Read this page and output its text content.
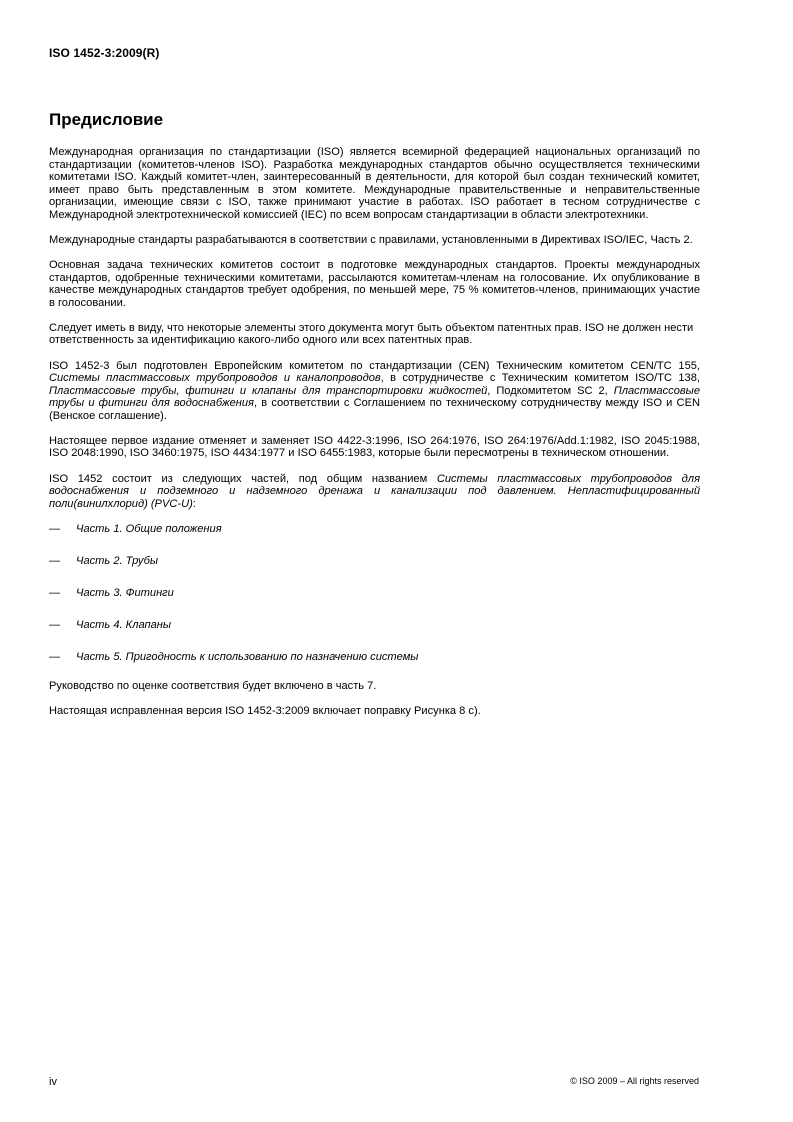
ISO 1452-3:2009(R)
Предисловие

Международная организация по стандартизации (ISO) является всемирной федерацией национальных организаций по стандартизации (комитетов-членов ISO). Разработка международных стандартов обычно осуществляется техническими комитетами ISO. Каждый комитет-член, заинтересованный в деятельности, для которой был создан технический комитет, имеет право быть представленным в этом комитете. Международные правительственные и неправительственные организации, имеющие связи с ISO, также принимают участие в работах. ISO работает в тесном сотрудничестве с Международной электротехнической комиссией (IEC) по всем вопросам стандартизации в области электротехники.

Международные стандарты разрабатываются в соответствии с правилами, установленными в Директивах ISO/IEC, Часть 2.

Основная задача технических комитетов состоит в подготовке международных стандартов. Проекты международных стандартов, одобренные техническими комитетами, рассылаются комитетам-членам на голосование. Их опубликование в качестве международных стандартов требует одобрения, по меньшей мере, 75 % комитетов-членов, принимающих участие в голосовании.

Следует иметь в виду, что некоторые элементы этого документа могут быть объектом патентных прав. ISO не должен нести ответственность за идентификацию какого-либо одного или всех патентных прав.

ISO 1452-3 был подготовлен Европейским комитетом по стандартизации (CEN) Техническим комитетом CEN/TC 155, Системы пластмассовых трубопроводов и каналопроводов, в сотрудничестве с Техническим комитетом ISO/TC 138, Пластмассовые трубы, фитинги и клапаны для транспортировки жидкостей, Подкомитетом SC 2, Пластмассовые трубы и фитинги для водоснабжения, в соответствии с Соглашением по техническому сотрудничеству между ISO и CEN (Венское соглашение).

Настоящее первое издание отменяет и заменяет ISO 4422-3:1996, ISO 264:1976, ISO 264:1976/Add.1:1982, ISO 2045:1988, ISO 2048:1990, ISO 3460:1975, ISO 4434:1977 и ISO 6455:1983, которые были пересмотрены в техническом отношении.

ISO 1452 состоит из следующих частей, под общим названием Системы пластмассовых трубопроводов для водоснабжения и подземного и надземного дренажа и канализации под давлением. Непластифицированный поли(винилхлорид) (PVC-U):

—	Часть 1. Общие положения
—	Часть 2. Трубы
—	Часть 3. Фитинги
—	Часть 4. Клапаны
—	Часть 5. Пригодность к использованию по назначению системы

Руководство по оценке соответствия будет включено в часть 7.

Настоящая исправленная версия ISO 1452-3:2009 включает поправку Рисунка 8 c).

iv	© ISO 2009 – All rights reserved
